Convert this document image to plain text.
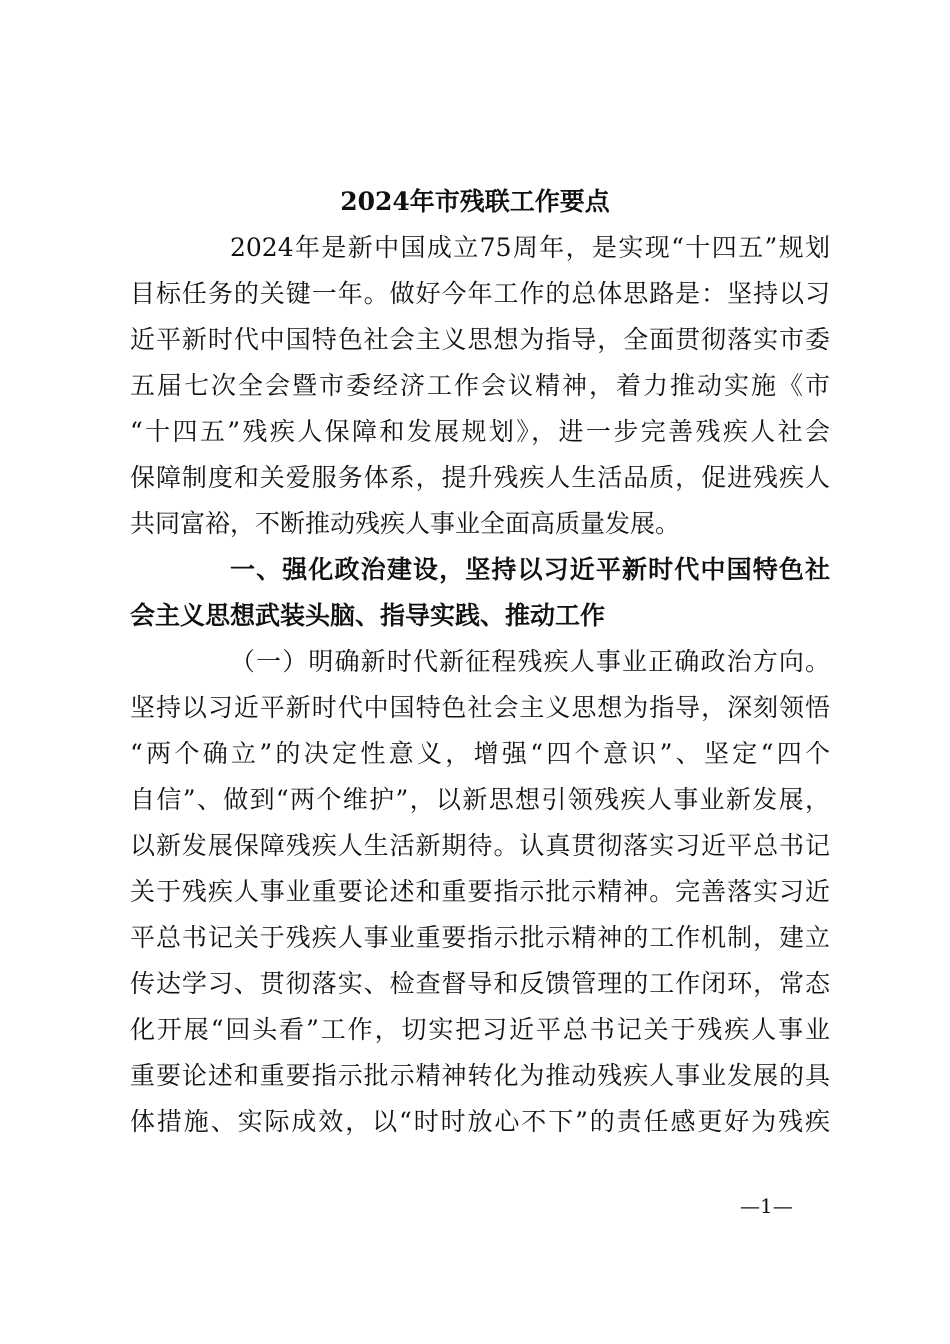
2024年市残联工作要点
2024年是新中国成立75周年，是实现“十四五”规划
目标任务的关键一年。做好今年工作的总体思路是：坚持以习
近平新时代中国特色社会主义思想为指导，全面贯彻落实市委
五届七次全会暨市委经济工作会议精神，着力推动实施《市
“十四五”残疾人保障和发展规划》，进一步完善残疾人社会
保障制度和关爱服务体系，提升残疾人生活品质，促进残疾人
共同富裕，不断推动残疾人事业全面高质量发展。
一、强化政治建设，坚持以习近平新时代中国特色社
会主义思想武装头脑、指导实践、推动工作
（一）明确新时代新征程残疾人事业正确政治方向。
坚持以习近平新时代中国特色社会主义思想为指导，深刻领悟
“两个确立”的决定性意义，增强“四个意识”、坚定“四个
自信”、做到“两个维护”，以新思想引领残疾人事业新发展，
以新发展保障残疾人生活新期待。认真贯彻落实习近平总书记
关于残疾人事业重要论述和重要指示批示精神。完善落实习近
平总书记关于残疾人事业重要指示批示精神的工作机制，建立
传达学习、贯彻落实、检查督导和反馈管理的工作闭环，常态
化开展“回头看”工作，切实把习近平总书记关于残疾人事业
重要论述和重要指示批示精神转化为推动残疾人事业发展的具
体措施、实际成效，以“时时放心不下”的责任感更好为残疾
—1—
